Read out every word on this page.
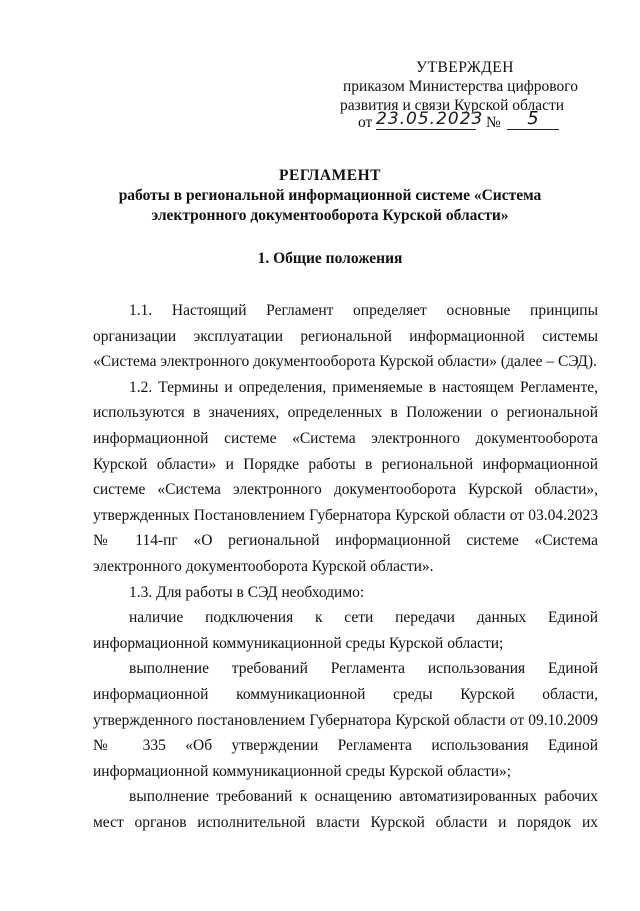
УТВЕРЖДЕН
приказом Министерства цифрового
развития и связи Курской области
от 23.05.2023 №	5
РЕГЛАМЕНТ
работы в региональной информационной системе «Система
электронного документооборота Курской области»
1. Общие положения

1.1. Настоящий Регламент определяет основные принципы организации эксплуатации региональной информационной системы «Система электронного документооборота Курской области» (далее – СЭД).

1.2. Термины и определения, применяемые в настоящем Регламенте, используются в значениях, определенных в Положении о региональной информационной системе «Система электронного документооборота Курской области» и Порядке работы в региональной информационной системе «Система электронного документооборота Курской области», утвержденных Постановлением Губернатора Курской области от 03.04.2023 № 114-пг «О региональной информационной системе «Система электронного документооборота Курской области».

1.3. Для работы в СЭД необходимо:

наличие подключения к сети передачи данных Единой информационной коммуникационной среды Курской области;

выполнение требований Регламента использования Единой информационной коммуникационной среды Курской области, утвержденного постановлением Губернатора Курской области от 09.10.2009 № 335 «Об утверждении Регламента использования Единой информационной коммуникационной среды Курской области»;

выполнение требований к оснащению автоматизированных рабочих мест органов исполнительной власти Курской области и порядок их
